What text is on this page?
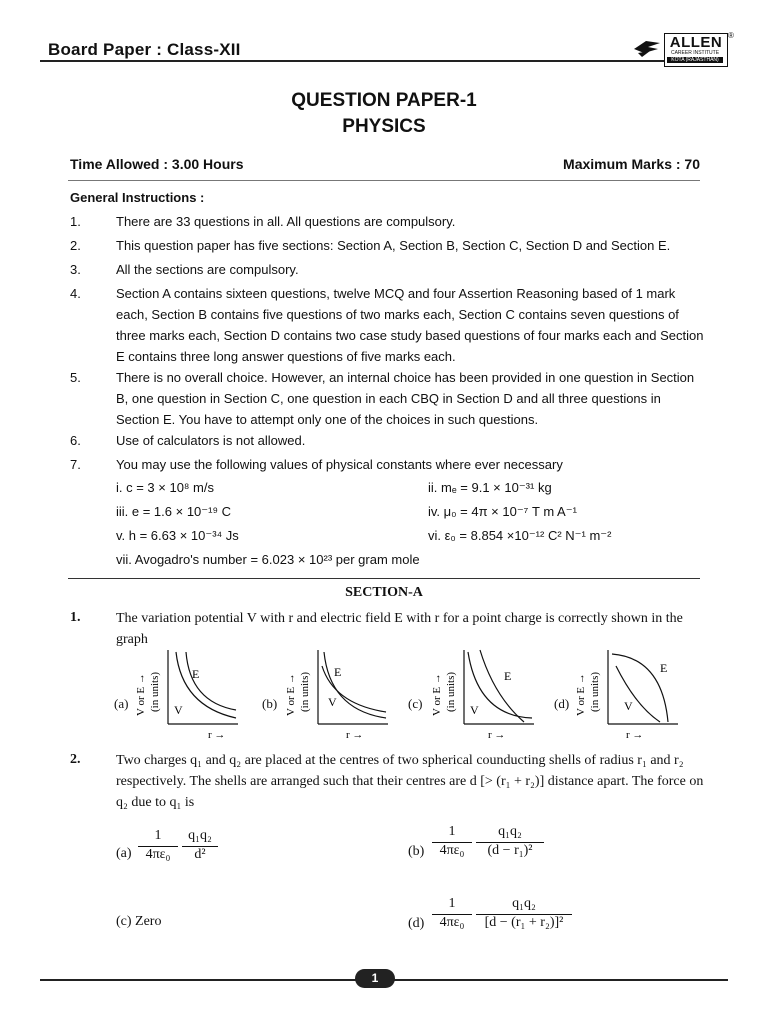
Board Paper : Class-XII	ALLEN
CAREER INSTITUTE
KOTA (RAJASTHAN)
®
QUESTION PAPER-1
PHYSICS
Time Allowed : 3.00 Hours	Maximum Marks : 70
General Instructions :
1.	There are 33 questions in all. All questions are compulsory.
2.	This question paper has five sections: Section A, Section B, Section C, Section D and Section E.
3.	All the sections are compulsory.
4.	Section A contains sixteen questions, twelve MCQ and four Assertion Reasoning based of 1 mark each, Section B contains five questions of two marks each, Section C contains seven questions of three marks each, Section D contains two case study based questions of four marks each and Section E contains three long answer questions of five marks each.
5.	There is no overall choice. However, an internal choice has been provided in one question in Section B, one question in Section C, one question in each CBQ in Section D and all three questions in Section E. You have to attempt only one of the choices in such questions.
6.	Use of calculators is not allowed.
7.	You may use the following values of physical constants where ever necessary
i. c = 3 × 10⁸ m/s	ii. mₑ = 9.1 × 10⁻³¹ kg
iii. e = 1.6 × 10⁻¹⁹ C	iv. μ₀ = 4π × 10⁻⁷ T m A⁻¹
v. h = 6.63 × 10⁻³⁴ Js	vi. ε₀ = 8.854 ×10⁻¹² C² N⁻¹ m⁻²
vii. Avogadro's number = 6.023 × 10²³ per gram mole
SECTION-A
1.	The variation potential V with r and electric field E with r for a point charge is correctly shown in the graph
(a) V or E → (in units)	E
V
r →
(b) V or E → (in units) E
V
r →
(c) V or E → (in units)	E
V
r →
(d) V or E → (in units)
E
V
r →
2.	Two charges q₁ and q₂ are placed at the centres of two spherical counducting shells of radius r₁ and r₂
respectively. The shells are arranged such that their centres are d [> (r₁ + r₂)] distance apart. The force on
q₂ due to q₁ is
$(a) \frac{1}{\text{4πε₀}} \frac{\text{q₁q₂}}{\text{d²}}$	$(b) \frac{1}{\text{4πε₀}} \frac{\text{q₁q₂}}{\text{(d − r₁)²}}$
(c) Zero	$(d) \frac{1}{\text{4πε₀}} \frac{\text{q₁q₂}}{\text{[d − (r₁ + r₂)]²}}$
1
